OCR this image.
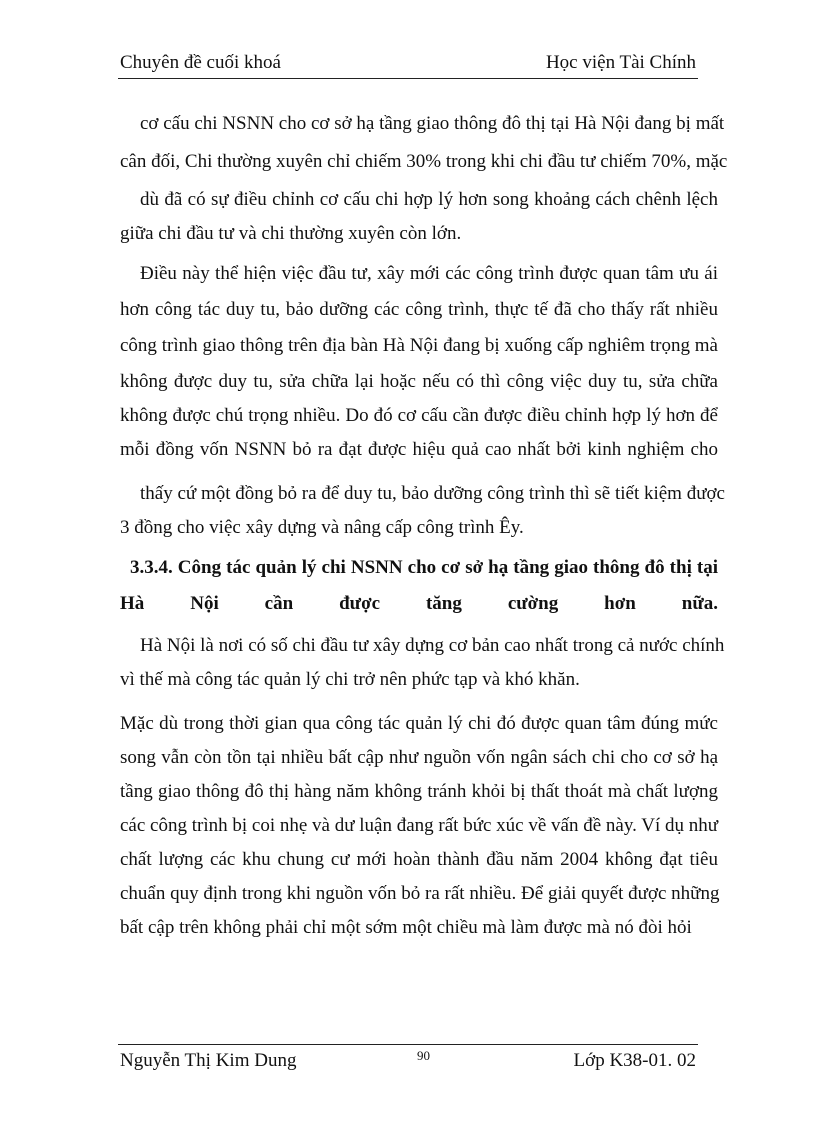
Chuyên đề cuối khoá	Học viện Tài Chính
cơ cấu chi NSNN cho cơ sở hạ tầng giao thông đô thị tại Hà Nội đang bị mất
cân đối, Chi thường xuyên chỉ chiếm 30% trong khi chi đầu tư chiếm 70%, mặc
dù đã có sự điều chỉnh cơ cấu chi hợp lý hơn song khoảng cách chênh lệch
giữa chi đầu tư và chi thường xuyên còn lớn.
Điều này thể hiện việc đầu tư, xây mới các công trình được quan tâm ưu ái
hơn công tác duy tu, bảo dưỡng các công trình, thực tế đã cho thấy rất nhiều
công trình giao thông trên địa bàn Hà Nội đang bị xuống cấp nghiêm trọng mà
không được duy tu, sửa chữa lại hoặc nếu có thì công việc duy tu, sửa chữa
không được chú trọng nhiều. Do đó cơ cấu cần được điều chỉnh hợp lý hơn để
mỗi đồng vốn NSNN bỏ ra đạt được hiệu quả cao nhất bởi kinh nghiệm cho
thấy cứ một đồng bỏ ra để duy tu, bảo dưỡng công trình thì sẽ tiết kiệm được
3 đồng cho việc xây dựng và nâng cấp công trình Êy.
3.3.4. Công tác quản lý chi NSNN cho cơ sở hạ tầng giao thông đô thị tại
Hà Nội cần được tăng cường hơn nữa.
Hà Nội là nơi có số chi đầu tư xây dựng cơ bản cao nhất trong cả nước chính
vì thế mà công tác quản lý chi trở nên phức tạp và khó khăn.
Mặc dù trong thời gian qua công tác quản lý chi đó được quan tâm đúng mức
song vẫn còn tồn tại nhiều bất cập như nguồn vốn ngân sách chi cho cơ sở hạ
tầng giao thông đô thị hàng năm không tránh khỏi bị thất thoát mà chất lượng
các công trình bị coi nhẹ và dư luận đang rất bức xúc về vấn đề này. Ví dụ như
chất lượng các khu chung cư mới hoàn thành đầu năm 2004 không đạt tiêu
chuẩn quy định trong khi nguồn vốn bỏ ra rất nhiều. Để giải quyết được những
bất cập trên không phải chỉ một sớm một chiều mà làm được mà nó đòi hỏi
Nguyễn Thị Kim Dung	90	Lớp K38-01. 02
